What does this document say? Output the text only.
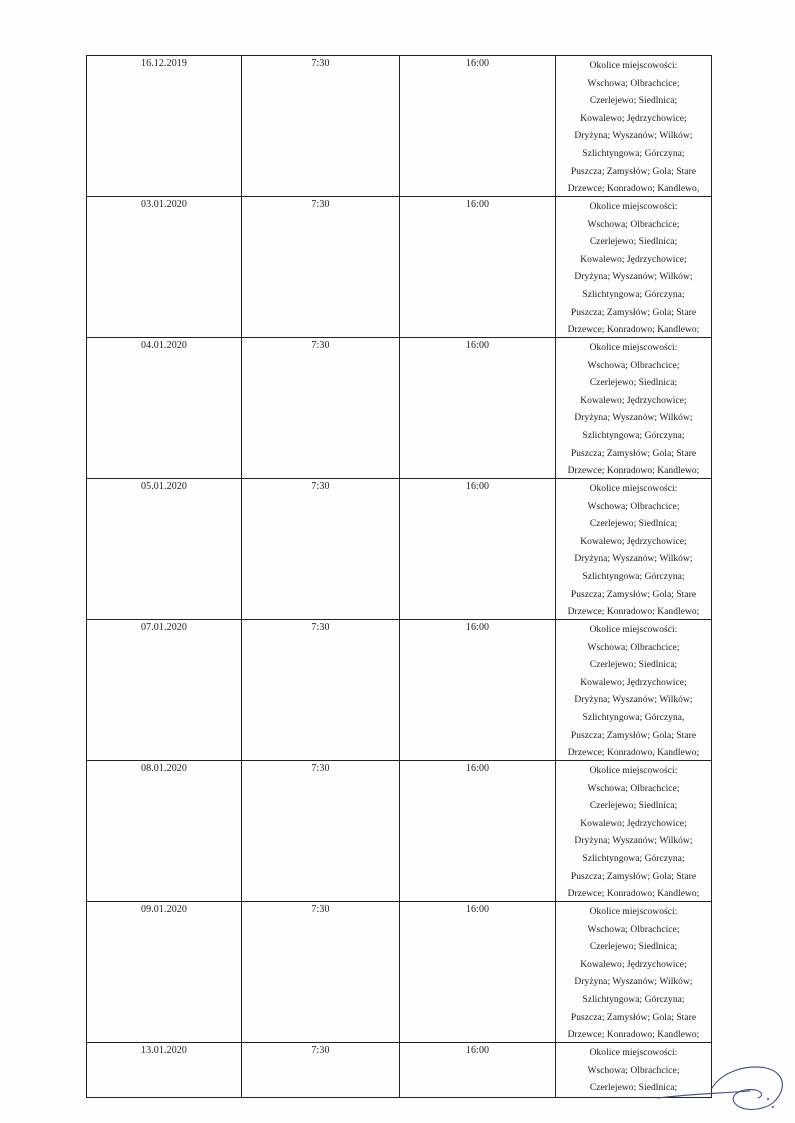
16.12.2019	7:30	16:00	Okolice miejscowości:
Wschowa; Olbrachcice;
Czerlejewo; Siedlnica;
Kowalewo; Jędrzychowice;
Dryżyna; Wyszanów; Wilków;
Szlichtyngowa; Górczyna;
Puszcza; Zamysłów; Gola; Stare
Drzewce; Konradowo; Kandlewo,
03.01.2020	7:30	16:00	Okolice miejscowości:
Wschowa; Olbrachcice;
Czerlejewo; Siedlnica;
Kowalewo; Jędrzychowice;
Dryżyna; Wyszanów; Wilków;
Szlichtyngowa; Górczyna;
Puszcza; Zamysłów; Gola; Stare
Drzewce; Konradowo; Kandlewo;
04.01.2020	7:30	16:00	Okolice miejscowości:
Wschowa; Olbrachcice;
Czerlejewo; Siedlnica;
Kowalewo; Jędrzychowice;
Dryżyna; Wyszanów; Wilków;
Szlichtyngowa; Górczyna;
Puszcza; Zamysłów; Gola; Stare
Drzewce; Konradowo; Kandlewo;
05.01.2020	7:30	16:00	Okolice miejscowości:
Wschowa; Olbrachcice;
Czerlejewo; Siedlnica;
Kowalewo; Jędrzychowice;
Dryżyna; Wyszanów; Wilków;
Szlichtyngowa; Górczyna;
Puszcza; Zamysłów; Gola; Stare
Drzewce; Konradowo; Kandlewo;
07.01.2020	7:30	16:00	Okolice miejscowości:
Wschowa; Olbrachcice;
Czerlejewo; Siedlnica;
Kowalewo; Jędrzychowice;
Dryżyna; Wyszanów; Wilków;
Szlichtyngowa; Górczyna,
Puszcza; Zamysłów; Gola; Stare
Drzewce; Konradowo, Kandlewo;
08.01.2020	7:30	16:00	Okolice miejscowości:
Wschowa; Olbrachcice;
Czerlejewo; Siedlnica;
Kowalewo; Jędrzychowice;
Dryżyna; Wyszanów; Wilków;
Szlichtyngowa; Górczyna;
Puszcza; Zamysłów; Gola; Stare
Drzewce; Konradowo; Kandlewo;
09.01.2020	7:30	16:00	Okolice miejscowości:
Wschowa; Olbrachcice;
Czerlejewo; Siedlnica;
Kowalewo; Jędrzychowice;
Dryżyna; Wyszanów; Wilków;
Szlichtyngowa; Górczyna;
Puszcza; Zamysłów; Gola; Stare
Drzewce; Konradowo; Kandlewo;
13.01.2020	7:30	16:00	Okolice miejscowości:
Wschowa; Olbrachcice;
Czerlejewo; Siedlnica;
